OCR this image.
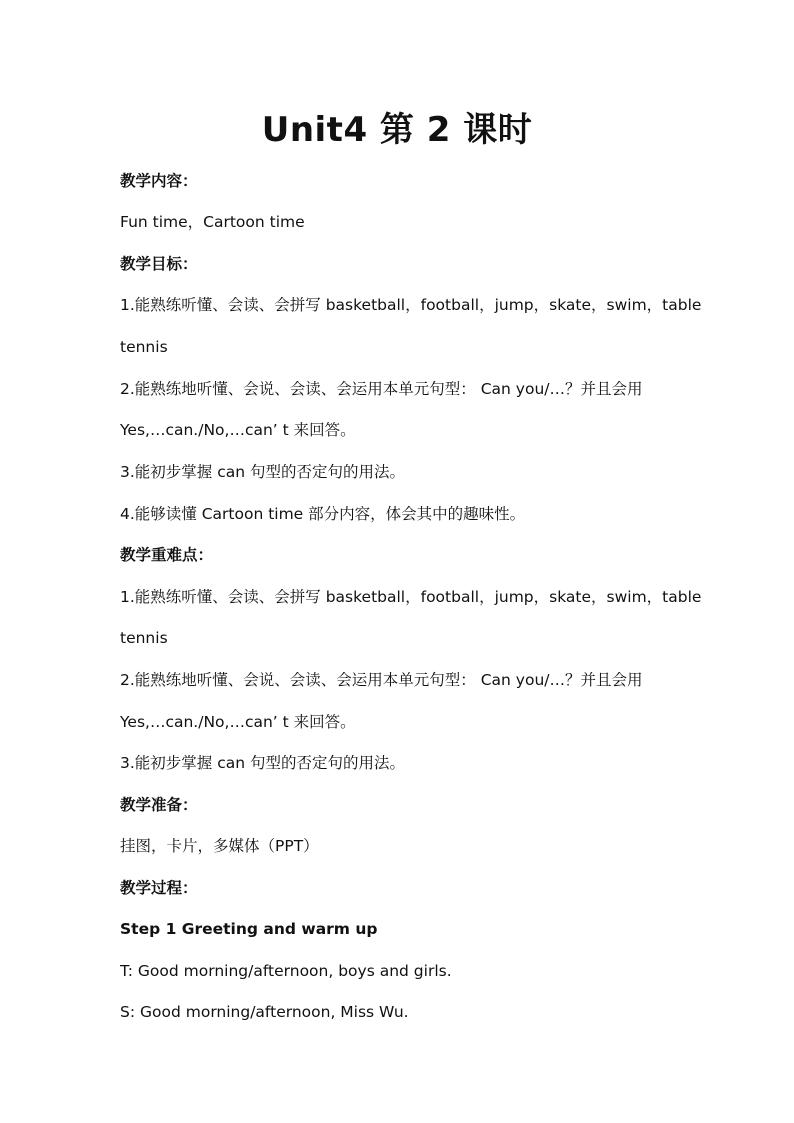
Unit4 第 2 课时
教学内容：
Fun time，Cartoon time
教学目标：
1.能熟练听懂、会读、会拼写 basketball，football，jump，skate，swim，table
tennis
2.能熟练地听懂、会说、会读、会运用本单元句型： Can you/…？并且会用
Yes,…can./No,…can’ t 来回答。
3.能初步掌握 can 句型的否定句的用法。
4.能够读懂 Cartoon time 部分内容，体会其中的趣味性。
教学重难点：
1.能熟练听懂、会读、会拼写 basketball，football，jump，skate，swim，table
tennis
2.能熟练地听懂、会说、会读、会运用本单元句型： Can you/…？并且会用
Yes,…can./No,…can’ t 来回答。
3.能初步掌握 can 句型的否定句的用法。
教学准备：
挂图，卡片，多媒体（PPT）
教学过程：
Step 1 Greeting and warm up
T: Good morning/afternoon, boys and girls.
S: Good morning/afternoon, Miss Wu.
